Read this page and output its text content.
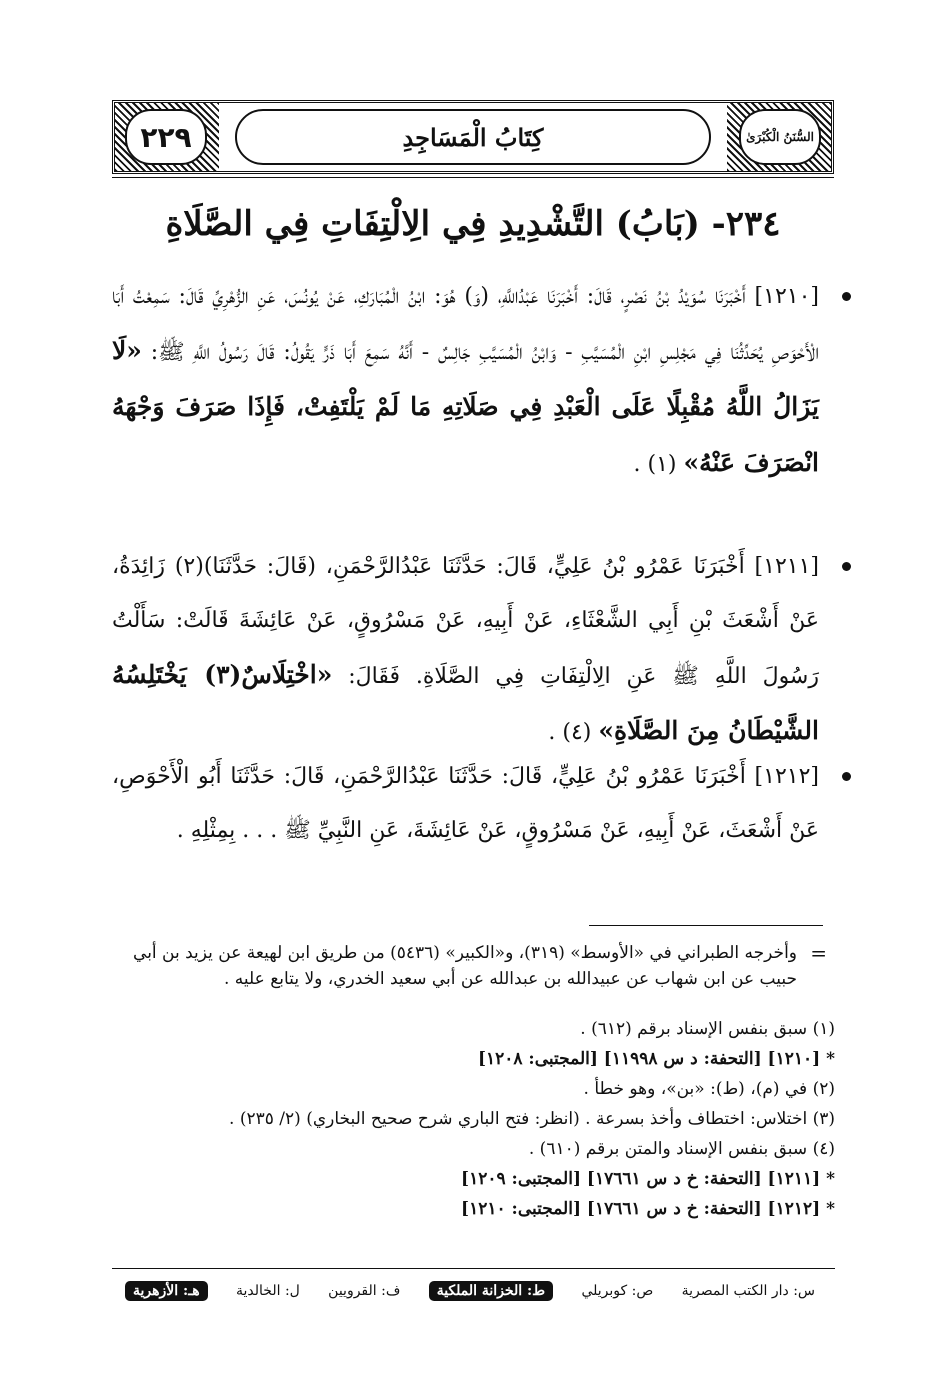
السُّنَنُ الْكُبْرَىٰ
٢٢٩	كِتَابُ الْمَسَاجِدِ
٢٣٤- (بَابُ) التَّشْدِيدِ فِي الِالْتِفَاتِ فِي الصَّلَاةِ
[١٢١٠] أَخْبَرَنَا سُوَيْدُ بْنُ نَصْرٍ، قَالَ: أَخْبَرَنَا عَبْدُاللَّهِ، (وَ) هُوَ: ابْنُ الْمُبَارَكِ، عَنْ يُونُسَ، عَنِ الزُّهْرِيِّ قَالَ: سَمِعْتُ أَبَا الْأَحْوَصِ يُحَدِّثُنَا فِي مَجْلِسِ ابْنِ الْمُسَيَّبِ - وَابْنُ الْمُسَيَّبِ جَالِسٌ - أَنَّهُ سَمِعَ أَبَا ذَرٍّ يَقُولُ: قَالَ رَسُولُ اللَّهِ ﷺ: «لَا يَزَالُ اللَّهُ مُقْبِلًا عَلَى الْعَبْدِ فِي صَلَاتِهِ مَا لَمْ يَلْتَفِتْ، فَإِذَا صَرَفَ وَجْهَهُ انْصَرَفَ عَنْهُ» (١) .
[١٢١١] أَخْبَرَنَا عَمْرُو بْنُ عَلِيٍّ، قَالَ: حَدَّثَنَا عَبْدُالرَّحْمَنِ، (قَالَ: حَدَّثَنَا)(٢) زَائِدَةُ، عَنْ أَشْعَثَ بْنِ أَبِي الشَّعْثَاءِ، عَنْ أَبِيهِ، عَنْ مَسْرُوقٍ، عَنْ عَائِشَةَ قَالَتْ: سَأَلْتُ رَسُولَ اللَّهِ ﷺ عَنِ الِالْتِفَاتِ فِي الصَّلَاةِ. فَقَالَ: «اخْتِلَاسٌ(٣) يَخْتَلِسُهُ الشَّيْطَانُ مِنَ الصَّلَاةِ» (٤) .
[١٢١٢] أَخْبَرَنَا عَمْرُو بْنُ عَلِيٍّ، قَالَ: حَدَّثَنَا عَبْدُالرَّحْمَنِ، قَالَ: حَدَّثَنَا أَبُو الْأَحْوَصِ، عَنْ أَشْعَثَ، عَنْ أَبِيهِ، عَنْ مَسْرُوقٍ، عَنْ عَائِشَةَ، عَنِ النَّبِيِّ ﷺ . . . بِمِثْلِهِ .
=
وأخرجه الطبراني في «الأوسط» (٣١٩)، و«الكبير» (٥٤٣٦) من طريق ابن لهيعة عن يزيد بن أبي حبيب عن ابن شهاب عن عبيدالله بن عبدالله عن أبي سعيد الخدري، ولا يتابع عليه .
(١) سبق بنفس الإسناد برقم (٦١٢) .
* [١٢١٠] [التحفة: د س ١١٩٩٨] [المجتبى: ١٢٠٨]
(٢) في (م)، (ط): «بن»، وهو خطأ .
(٣) اختلاس: اختطاف وأخذ بسرعة . (انظر: فتح الباري شرح صحيح البخاري) (٢/ ٢٣٥) .
(٤) سبق بنفس الإسناد والمتن برقم (٦١٠) .
* [١٢١١] [التحفة: خ د س ١٧٦٦١] [المجتبى: ١٢٠٩]
* [١٢١٢] [التحفة: خ د س ١٧٦٦١] [المجتبى: ١٢١٠]
س: دار الكتب المصرية
ص: كوبريلي
ط: الخزانة الملكية
ف: القرويين
ل: الخالدية
هـ: الأزهرية
